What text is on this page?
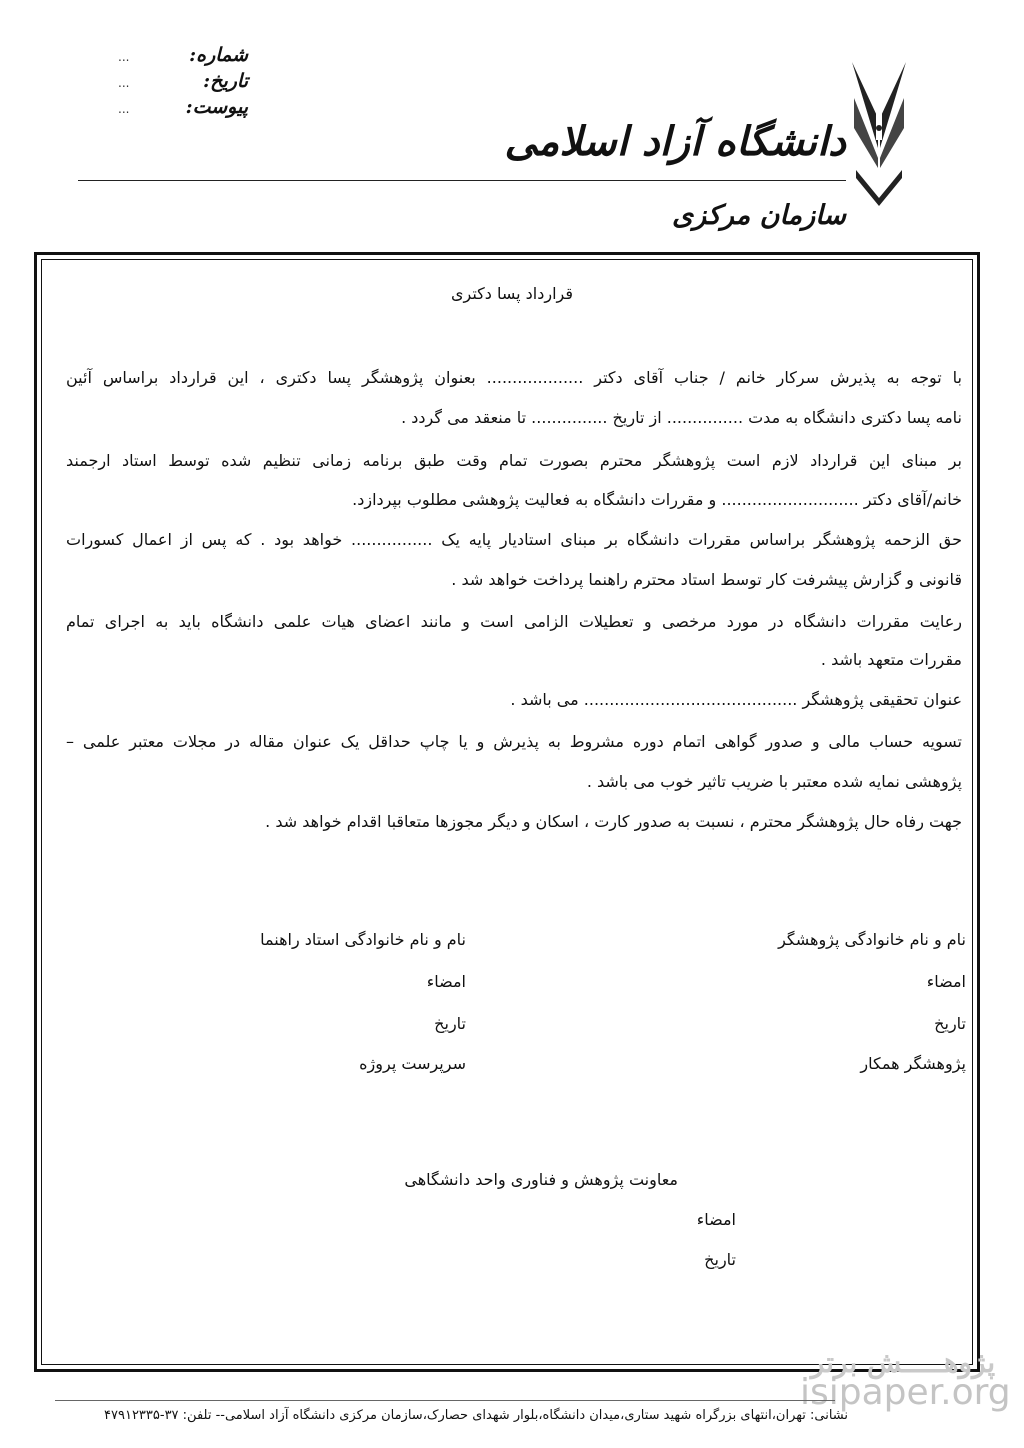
شماره:
...
تاریخ:
...
پیوست:
...
دانشگاه آزاد اسلامی
سازمان مرکزی
قرارداد پسا دکتری
با توجه به پذیرش سرکار خانم / جناب آقای دکتر ................... بعنوان پژوهشگر پسا دکتری ، این قرارداد براساس آئین
نامه پسا دکتری دانشگاه به مدت ............... از تاریخ ............... تا منعقد می گردد .
بر مبنای این قرارداد لازم است پژوهشگر محترم بصورت تمام وقت طبق برنامه زمانی تنظیم شده توسط استاد ارجمند
خانم/آقای دکتر ........................... و مقررات دانشگاه به فعالیت پژوهشی مطلوب بپردازد.
حق الزحمه پژوهشگر براساس مقررات دانشگاه بر مبنای استادیار پایه یک ................ خواهد بود . که پس از اعمال کسورات
قانونی و گزارش پیشرفت کار توسط استاد محترم راهنما پرداخت خواهد شد .
رعایت مقررات دانشگاه در مورد مرخصی و تعطیلات الزامی است و مانند اعضای هیات علمی دانشگاه باید به اجرای تمام
مقررات متعهد باشد .
عنوان تحقیقی پژوهشگر .......................................... می باشد .
تسویه حساب مالی و صدور گواهی اتمام دوره مشروط به پذیرش و یا چاپ حداقل یک عنوان مقاله در مجلات معتبر علمی –
پژوهشی نمایه شده معتبر با ضریب تاثیر خوب می باشد .
جهت رفاه حال پژوهشگر محترم ، نسبت به صدور کارت ، اسکان و دیگر مجوزها متعاقبا اقدام خواهد شد .
نام و نام خانوادگی پژوهشگر
امضاء
تاریخ
پژوهشگر همکار
نام و نام خانوادگی استاد راهنما
امضاء
تاریخ
سرپرست پروژه
معاونت پژوهش و فناوری واحد دانشگاهی
امضاء
تاریخ
پژوهـــــش برتر
isipaper.org
نشانی: تهران،انتهای بزرگراه شهید ستاری،میدان دانشگاه،بلوار شهدای حصارک،سازمان مرکزی دانشگاه آزاد اسلامی-- تلفن: ۳۷-۴۷۹۱۲۳۳۵
